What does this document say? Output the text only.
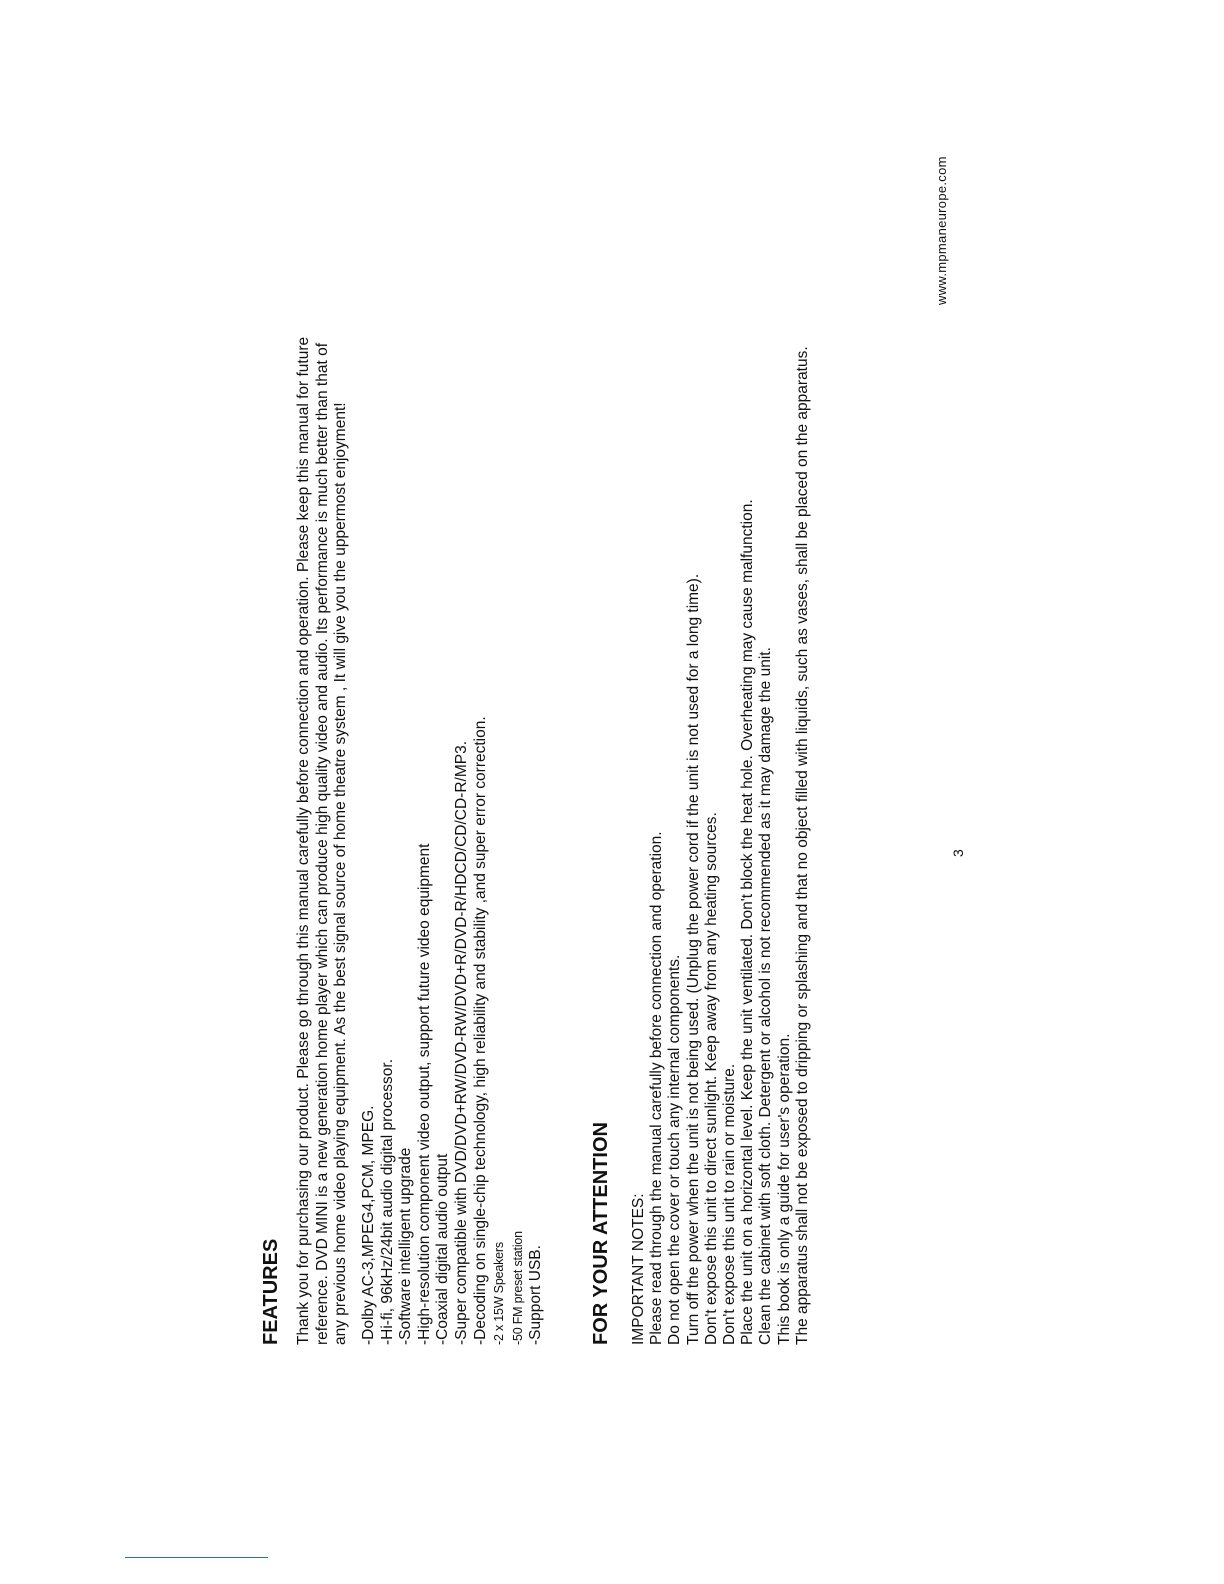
FEATURES Thank you for purchasing our product. Please go through this manual carefully before connection and operation. Please keep this manual for future reference. DVD MINI is a new generation home player which can produce high quality video and audio. Its performance is much better than that of any previous home video playing equipment. As the best signal source of home theatre system , It will give you the uppermost enjoyment! -Dolby AC-3,MPEG4,PCM, MPEG. -Hi-fi, 96kHz/24bit audio digital processor. -Software intelligent upgrade -High-resolution component video output, support future video equipment -Coaxial digital audio output -Super compatible with DVD/DVD+RW/DVD-RW/DVD+R/DVD-R/HDCD/CD/CD-R/MP3. -Decoding on single-chip technology, high reliability and stability ,and super error correction. -2 x 15W Speakers -50 FM preset station -Support USB. FOR YOUR ATTENTION IMPORTANT NOTES: Please read through the manual carefully before connection and operation. Do not open the cover or touch any internal components. Turn off the power when the unit is not being used. (Unplug the power cord if the unit is not used for a long time). Don't expose this unit to direct sunlight. Keep away from any heating sources. Don't expose this unit to rain or moisture. Place the unit on a horizontal level. Keep the unit ventilated. Don't block the heat hole. Overheating may cause malfunction. Clean the cabinet with soft cloth. Detergent or alcohol is not recommended as it may damage the unit. This book is only a guide for user's operation. The apparatus shall not be exposed to dripping or splashing and that no object filled with liquids, such as vases, shall be placed on the apparatus.	3
www.mpmaneurope.com
